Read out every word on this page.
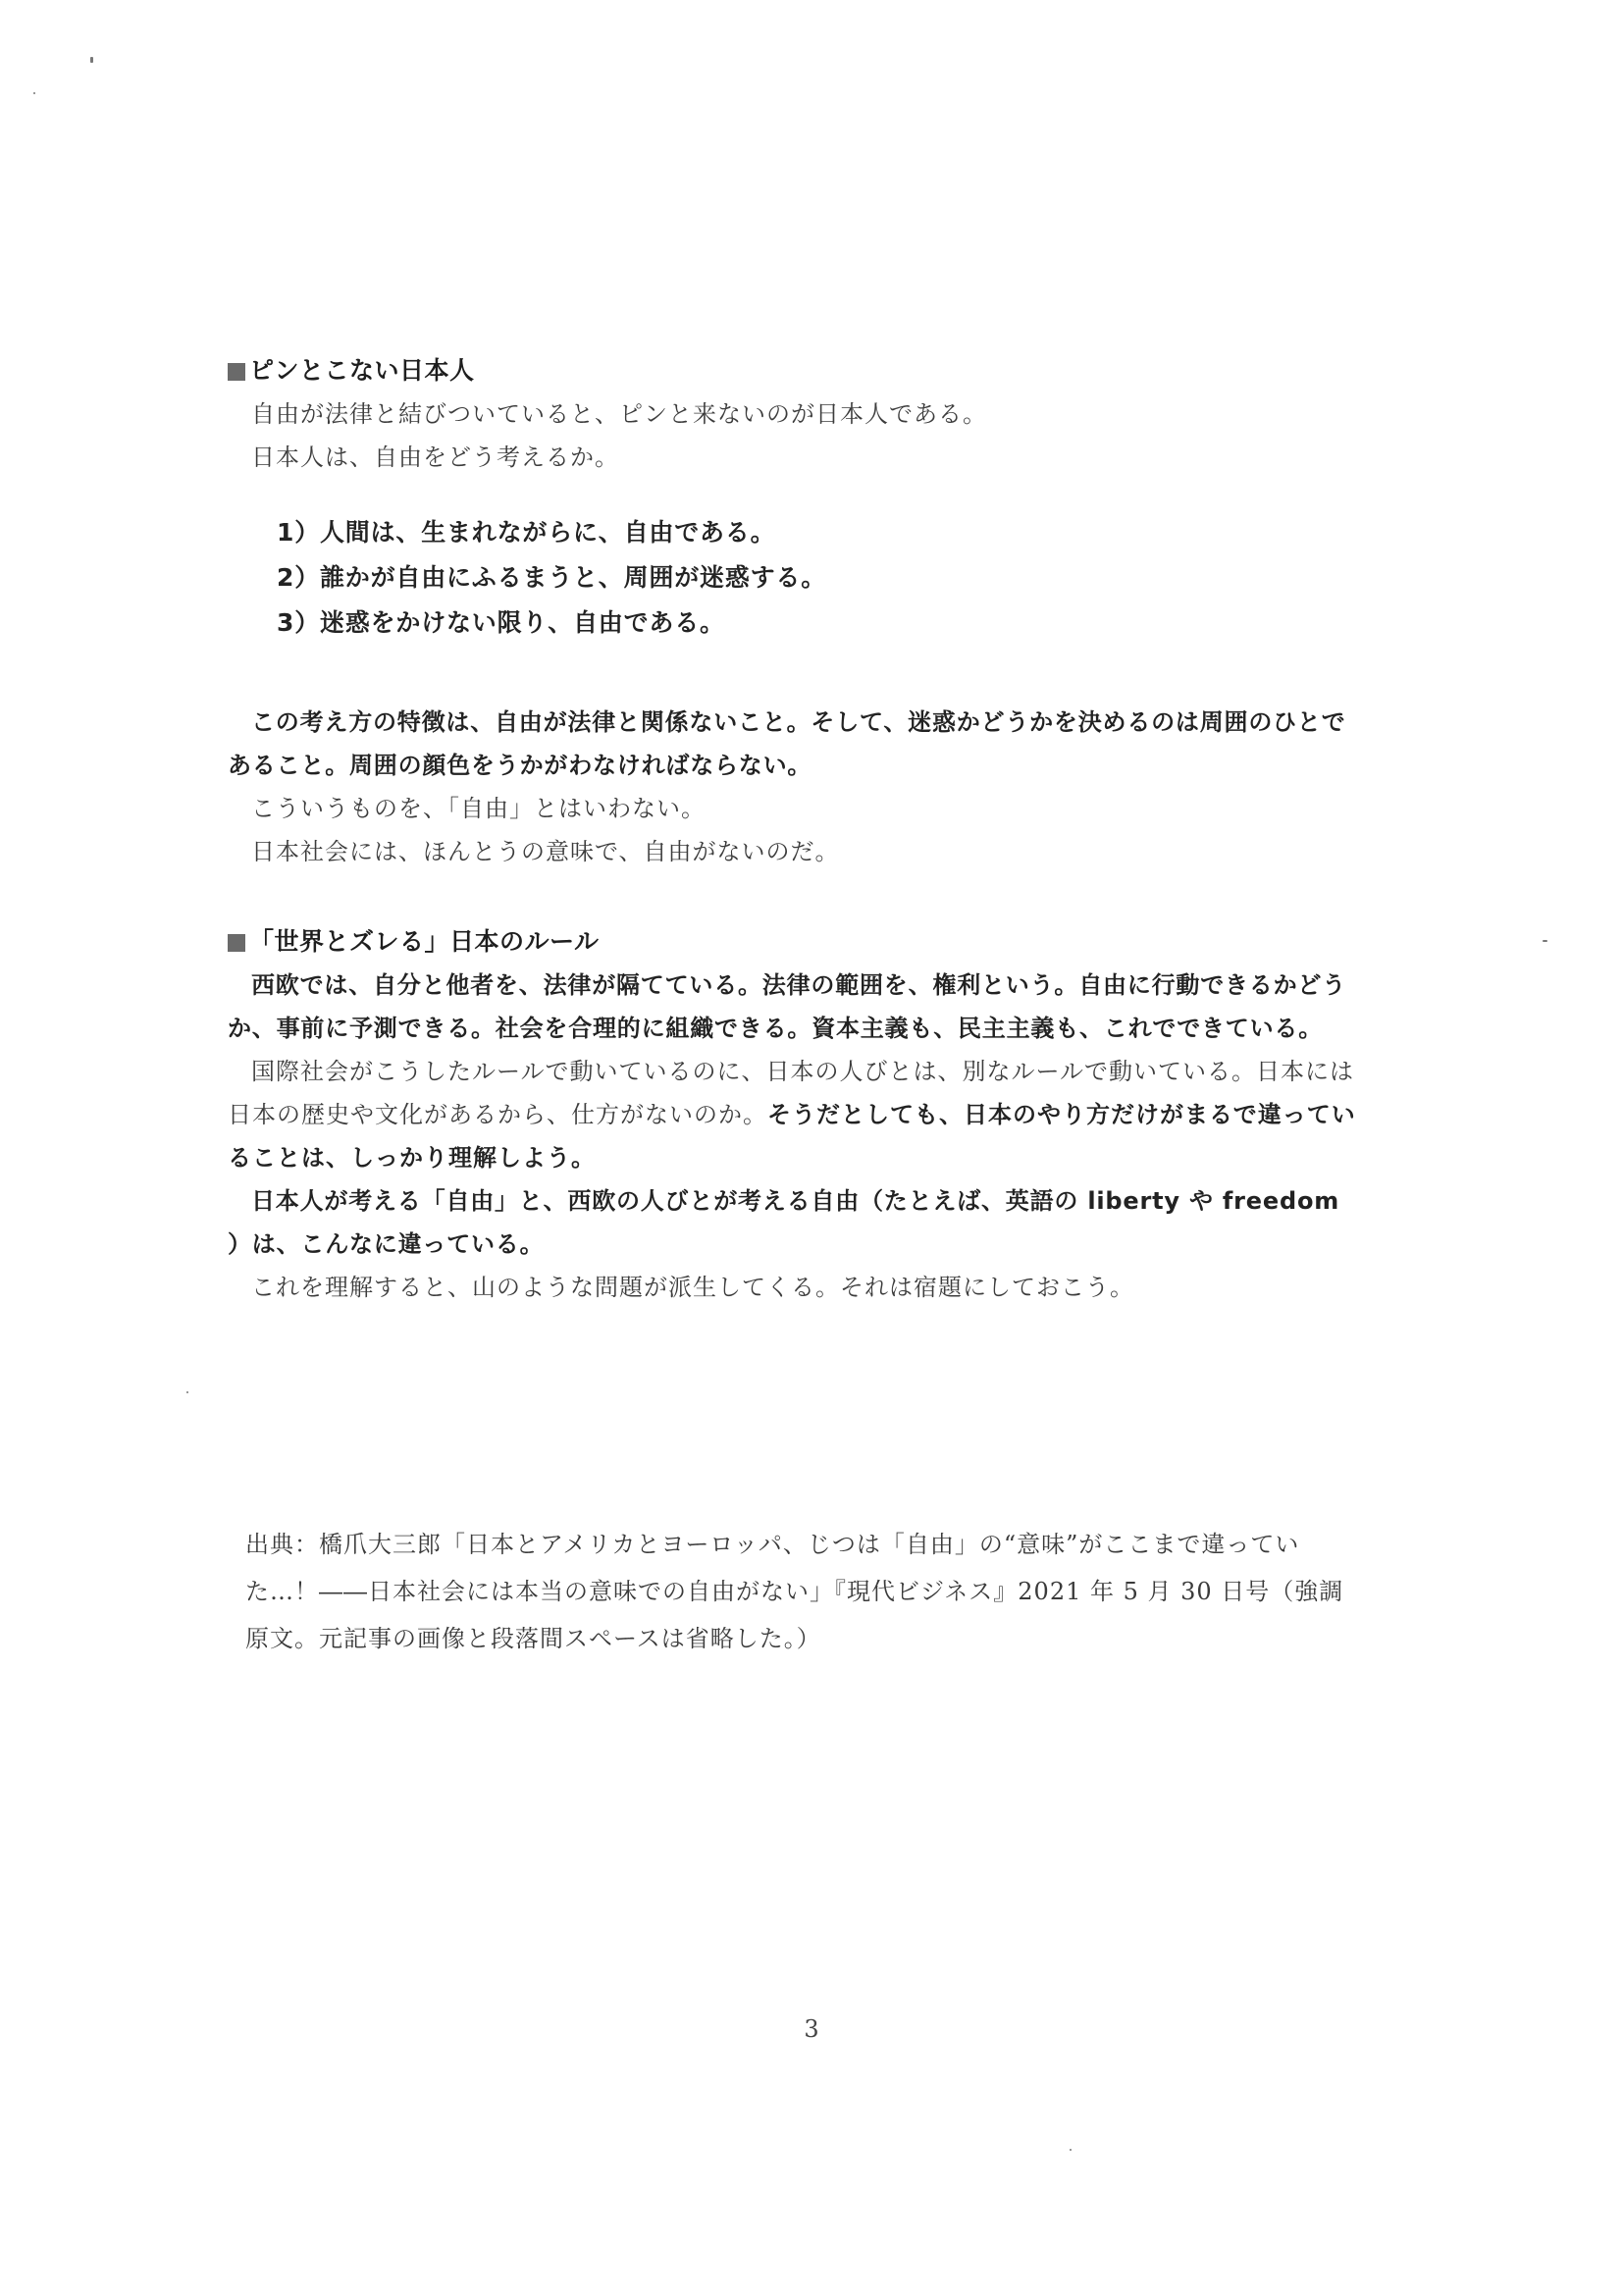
ピンとこない日本人

自由が法律と結びついていると、ピンと来ないのが日本人である。

日本人は、自由をどう考えるか。

1）人間は、生まれながらに、自由である。
2）誰かが自由にふるまうと、周囲が迷惑する。
3）迷惑をかけない限り、自由である。

この考え方の特徴は、自由が法律と関係ないこと。そして、迷惑かどうかを決めるのは周囲のひとであること。周囲の顔色をうかがわなければならない。

こういうものを、「自由」とはいわない。

日本社会には、ほんとうの意味で、自由がないのだ。

「世界とズレる」日本のルール

西欧では、自分と他者を、法律が隔てている。法律の範囲を、権利という。自由に行動できるかどうか、事前に予測できる。社会を合理的に組織できる。資本主義も、民主主義も、これでできている。

国際社会がこうしたルールで動いているのに、日本の人びとは、別なルールで動いている。日本には日本の歴史や文化があるから、仕方がないのか。そうだとしても、日本のやり方だけがまるで違っていることは、しっかり理解しよう。

日本人が考える「自由」と、西欧の人びとが考える自由（たとえば、英語の liberty や freedom ）は、こんなに違っている。

これを理解すると、山のような問題が派生してくる。それは宿題にしておこう。

出典：橋爪大三郎「日本とアメリカとヨーロッパ、じつは「自由」の“意味”がここまで違っていた…！――日本社会には本当の意味での自由がない」『現代ビジネス』2021 年 5 月 30 日号（強調原文。元記事の画像と段落間スペースは省略した。）

3
